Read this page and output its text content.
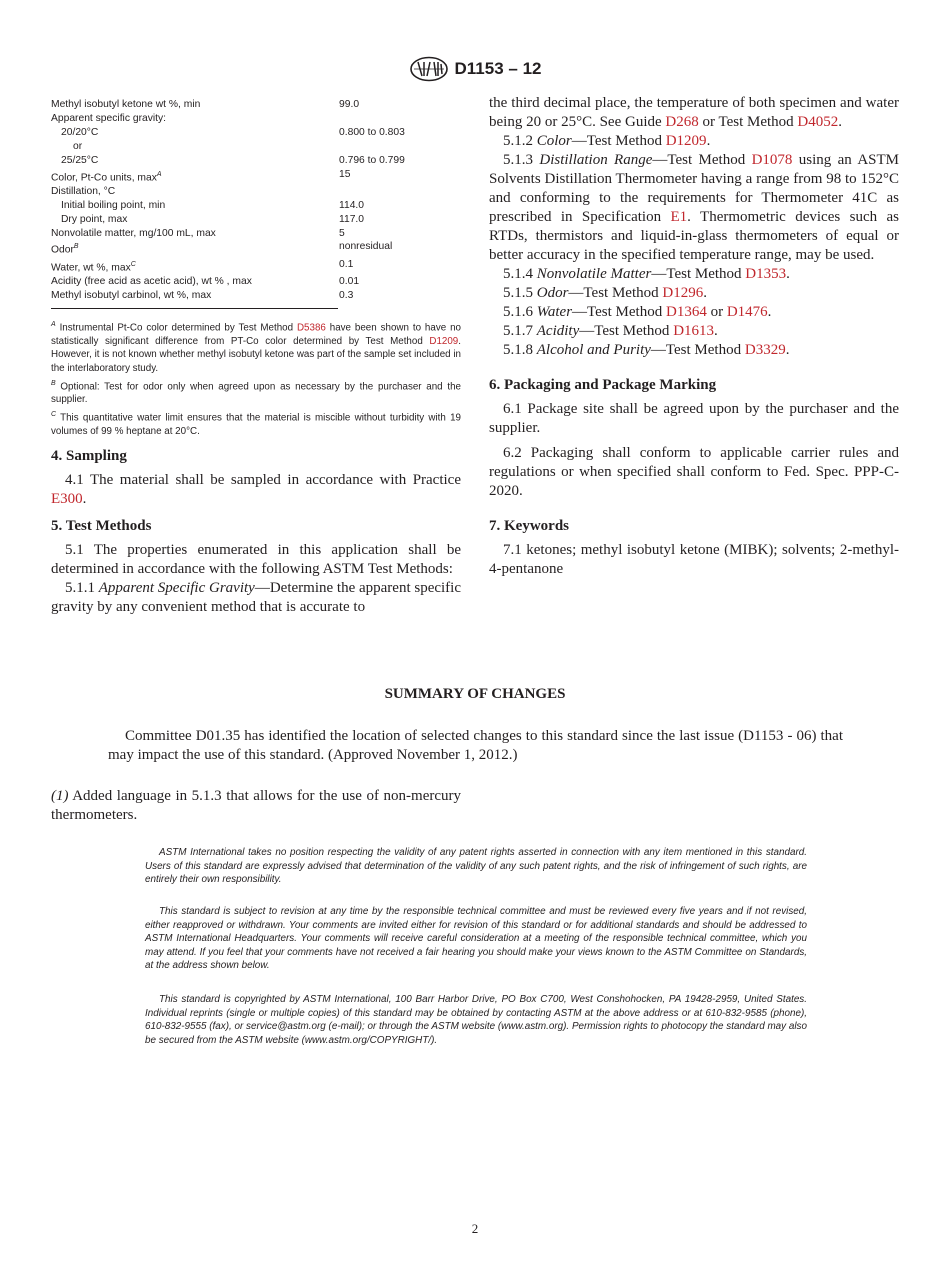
D1153 – 12
Methyl isobutyl ketone wt %, min	99.0
Apparent specific gravity:	
20/20°C	0.800 to 0.803
or	
25/25°C	0.796 to 0.799
Color, Pt-Co units, $\max^A$	15
Distillation, °C	
Initial boiling point, min	114.0
Dry point, max	117.0
Nonvolatile matter, mg/100 mL, max	5
Odor$^B$	nonresidual
Water, wt %, $\max^C$	0.1
Acidity (free acid as acetic acid), wt % , max	0.01
Methyl isobutyl carbinol, wt %, max	0.3

$^A$ Instrumental Pt-Co color determined by Test Method D5386 have been shown to have no statistically significant difference from PT-Co color determined by Test Method D1209. However, it is not known whether methyl isobutyl ketone was part of the sample set included in the interlaboratory study.

$^B$ Optional: Test for odor only when agreed upon as necessary by the purchaser and the supplier.

$^C$ This quantitative water limit ensures that the material is miscible without turbidity with 19 volumes of 99 % heptane at 20°C.

4. Sampling

4.1 The material shall be sampled in accordance with Practice E300.

5. Test Methods

5.1 The properties enumerated in this application shall be determined in accordance with the following ASTM Test Methods:

5.1.1 Apparent Specific Gravity—Determine the apparent specific gravity by any convenient method that is accurate to

the third decimal place, the temperature of both specimen and water being 20 or 25°C. See Guide D268 or Test Method D4052.

5.1.2 Color—Test Method D1209.

5.1.3 Distillation Range—Test Method D1078 using an ASTM Solvents Distillation Thermometer having a range from 98 to 152°C and conforming to the requirements for Thermometer 41C as prescribed in Specification E1. Thermometric devices such as RTDs, thermistors and liquid-in-glass thermometers of equal or better accuracy in the specified temperature range, may be used.

5.1.4 Nonvolatile Matter—Test Method D1353.

5.1.5 Odor—Test Method D1296.

5.1.6 Water—Test Method D1364 or D1476.

5.1.7 Acidity—Test Method D1613.

5.1.8 Alcohol and Purity—Test Method D3329.

6. Packaging and Package Marking

6.1 Package site shall be agreed upon by the purchaser and the supplier.

6.2 Packaging shall conform to applicable carrier rules and regulations or when specified shall conform to Fed. Spec. PPP-C-2020.

7. Keywords

7.1 ketones; methyl isobutyl ketone (MIBK); solvents; 2-methyl-4-pentanone

SUMMARY OF CHANGES

Committee D01.35 has identified the location of selected changes to this standard since the last issue (D1153 - 06) that may impact the use of this standard. (Approved November 1, 2012.)

(1) Added language in 5.1.3 that allows for the use of non-mercury thermometers.

ASTM International takes no position respecting the validity of any patent rights asserted in connection with any item mentioned in this standard. Users of this standard are expressly advised that determination of the validity of any such patent rights, and the risk of infringement of such rights, are entirely their own responsibility.

This standard is subject to revision at any time by the responsible technical committee and must be reviewed every five years and if not revised, either reapproved or withdrawn. Your comments are invited either for revision of this standard or for additional standards and should be addressed to ASTM International Headquarters. Your comments will receive careful consideration at a meeting of the responsible technical committee, which you may attend. If you feel that your comments have not received a fair hearing you should make your views known to the ASTM Committee on Standards, at the address shown below.

This standard is copyrighted by ASTM International, 100 Barr Harbor Drive, PO Box C700, West Conshohocken, PA 19428-2959, United States. Individual reprints (single or multiple copies) of this standard may be obtained by contacting ASTM at the above address or at 610-832-9585 (phone), 610-832-9555 (fax), or service@astm.org (e-mail); or through the ASTM website (www.astm.org). Permission rights to photocopy the standard may also be secured from the ASTM website (www.astm.org/COPYRIGHT/).

2
